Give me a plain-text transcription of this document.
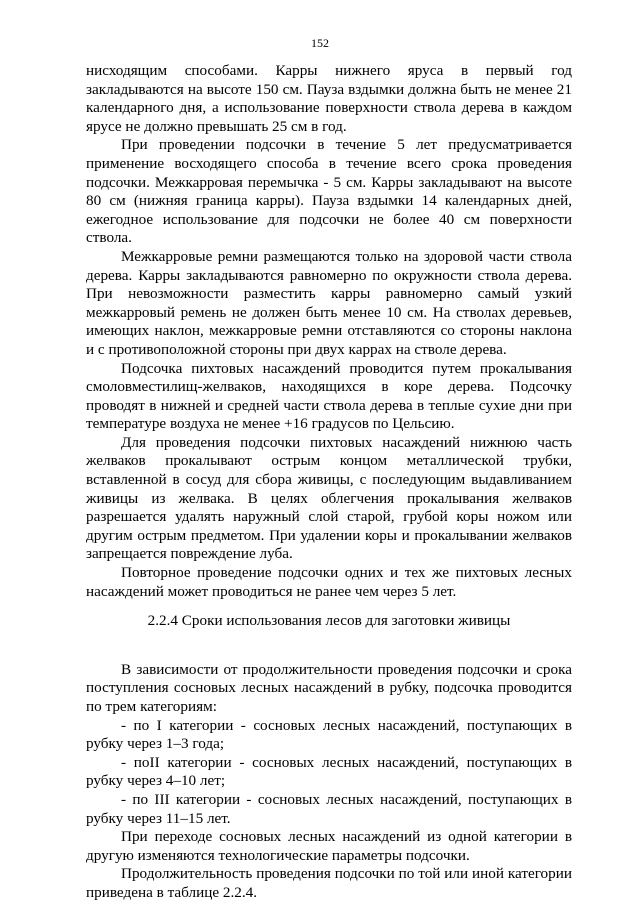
152

нисходящим способами. Карры нижнего яруса в первый год закладываются на высоте 150 см. Пауза вздымки должна быть не менее 21 календарного дня, а использование поверхности ствола дерева в каждом ярусе не должно превышать 25 см в год.

При проведении подсочки в течение 5 лет предусматривается применение восходящего способа в течение всего срока проведения подсочки. Межкарровая перемычка - 5 см. Карры закладывают на высоте 80 см (нижняя граница карры). Пауза вздымки 14 календарных дней, ежегодное использование для подсочки не более 40 см поверхности ствола.

Межкарровые ремни размещаются только на здоровой части ствола дерева. Карры закладываются равномерно по окружности ствола дерева. При невозможности разместить карры равномерно самый узкий межкарровый ремень не должен быть менее 10 см. На стволах деревьев, имеющих наклон, межкарровые ремни отставляются со стороны наклона и с противоположной стороны при двух каррах на стволе дерева.

Подсочка пихтовых насаждений проводится путем прокалывания смоловместилищ-желваков, находящихся в коре дерева. Подсочку проводят в нижней и средней части ствола дерева в теплые сухие дни при температуре воздуха не менее +16 градусов по Цельсию.

Для проведения подсочки пихтовых насаждений нижнюю часть желваков прокалывают острым концом металлической трубки, вставленной в сосуд для сбора живицы, с последующим выдавливанием живицы из желвака. В целях облегчения прокалывания желваков разрешается удалять наружный слой старой, грубой коры ножом или другим острым предметом. При удалении коры и прокалывании желваков запрещается повреждение луба.

Повторное проведение подсочки одних и тех же пихтовых лесных насаждений может проводиться не ранее чем через 5 лет.

2.2.4 Сроки использования лесов для заготовки живицы

В зависимости от продолжительности проведения подсочки и срока поступления сосновых лесных насаждений в рубку, подсочка проводится по трем категориям:

- по I категории - сосновых лесных насаждений, поступающих в рубку через 1–3 года;

- поII категории - сосновых лесных насаждений, поступающих в рубку через 4–10 лет;

- по III категории - сосновых лесных насаждений, поступающих в рубку через 11–15 лет.

При переходе сосновых лесных насаждений из одной категории в другую изменяются технологические параметры подсочки.

Продолжительность проведения подсочки по той или иной категории приведена в таблице 2.2.4.
